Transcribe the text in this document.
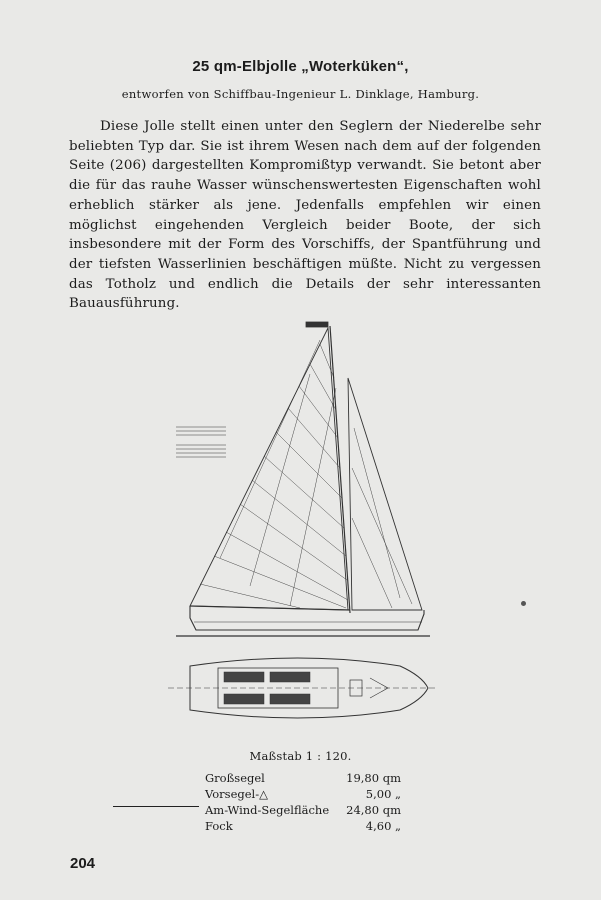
25 qm-Elbjolle „Woterküken“,
entworfen von Schiffbau-Ingenieur L. Dinklage, Hamburg.
Diese Jolle stellt einen unter den Seglern der Niederelbe sehr beliebten Typ dar. Sie ist ihrem Wesen nach dem auf der folgenden Seite (206) dargestellten Kompromißtyp verwandt. Sie betont aber die für das rauhe Wasser wünschenswertesten Eigenschaften wohl erheblich stärker als jene. Jedenfalls empfehlen wir einen möglichst eingehenden Vergleich beider Boote, der sich insbesondere mit der Form des Vorschiffs, der Spantführung und der tiefsten Wasserlinien beschäftigen müßte. Nicht zu vergessen das Totholz und endlich die Details der sehr interessanten Bauausführung.
Maßstab 1 : 120.
Großsegel	19,80 qm
Vorsegel-△	5,00 „
Am-Wind-Segelfläche 24,80 qm
Fock	4,60 „
204
